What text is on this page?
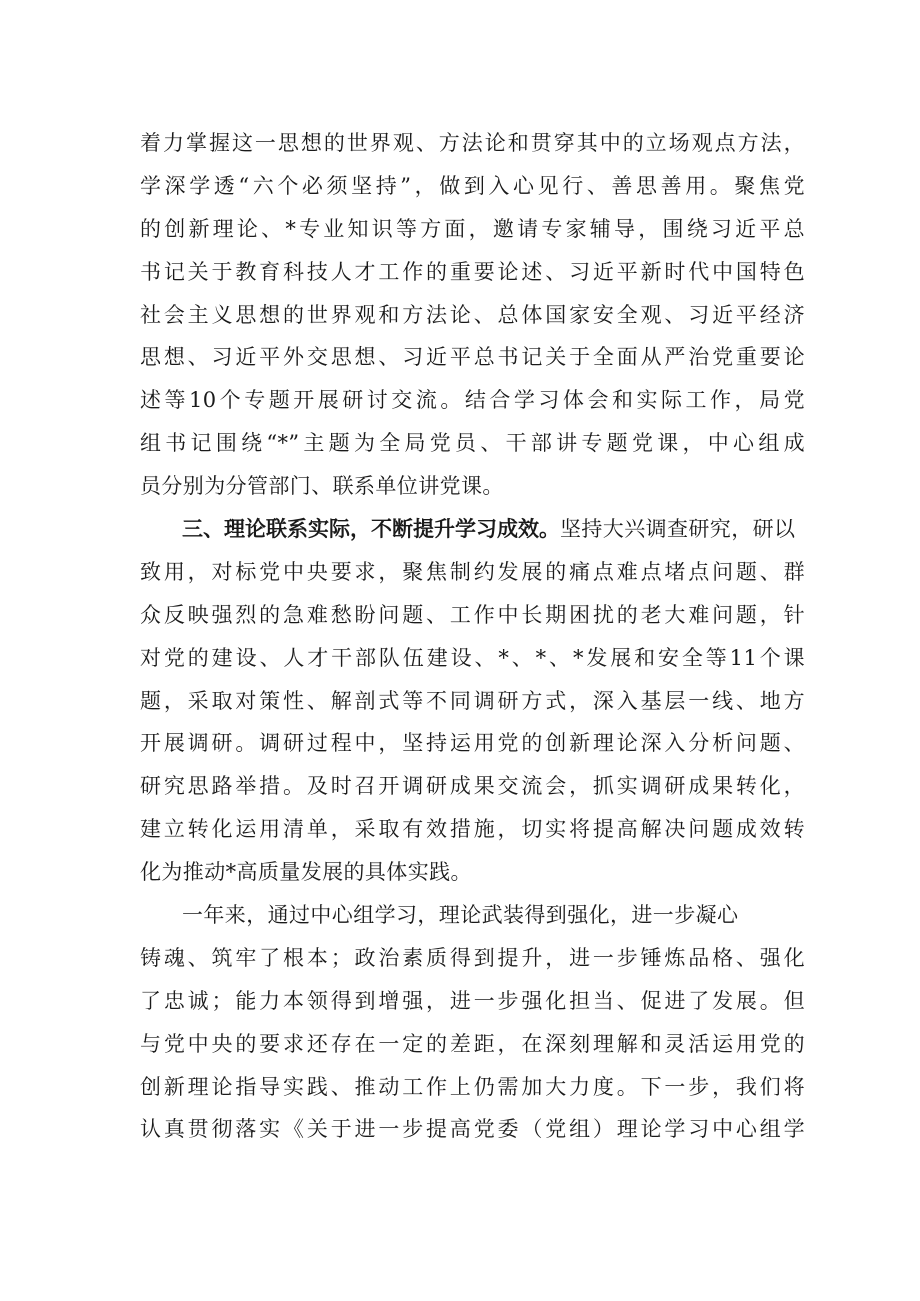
着力掌握这一思想的世界观、方法论和贯穿其中的立场观点方法，
学深学透“六个必须坚持”，做到入心见行、善思善用。聚焦党
的创新理论、*专业知识等方面，邀请专家辅导，围绕习近平总
书记关于教育科技人才工作的重要论述、习近平新时代中国特色
社会主义思想的世界观和方法论、总体国家安全观、习近平经济
思想、习近平外交思想、习近平总书记关于全面从严治党重要论
述等10个专题开展研讨交流。结合学习体会和实际工作，局党
组书记围绕“*”主题为全局党员、干部讲专题党课，中心组成
员分别为分管部门、联系单位讲党课。
三、理论联系实际，不断提升学习成效。坚持大兴调查研究，研以
致用，对标党中央要求，聚焦制约发展的痛点难点堵点问题、群
众反映强烈的急难愁盼问题、工作中长期困扰的老大难问题，针
对党的建设、人才干部队伍建设、*、*、*发展和安全等11个课
题，采取对策性、解剖式等不同调研方式，深入基层一线、地方
开展调研。调研过程中，坚持运用党的创新理论深入分析问题、
研究思路举措。及时召开调研成果交流会，抓实调研成果转化，
建立转化运用清单，采取有效措施，切实将提高解决问题成效转
化为推动*高质量发展的具体实践。
一年来，通过中心组学习，理论武装得到强化，进一步凝心
铸魂、筑牢了根本；政治素质得到提升，进一步锤炼品格、强化
了忠诚；能力本领得到增强，进一步强化担当、促进了发展。但
与党中央的要求还存在一定的差距，在深刻理解和灵活运用党的
创新理论指导实践、推动工作上仍需加大力度。下一步，我们将
认真贯彻落实《关于进一步提高党委（党组）理论学习中心组学
